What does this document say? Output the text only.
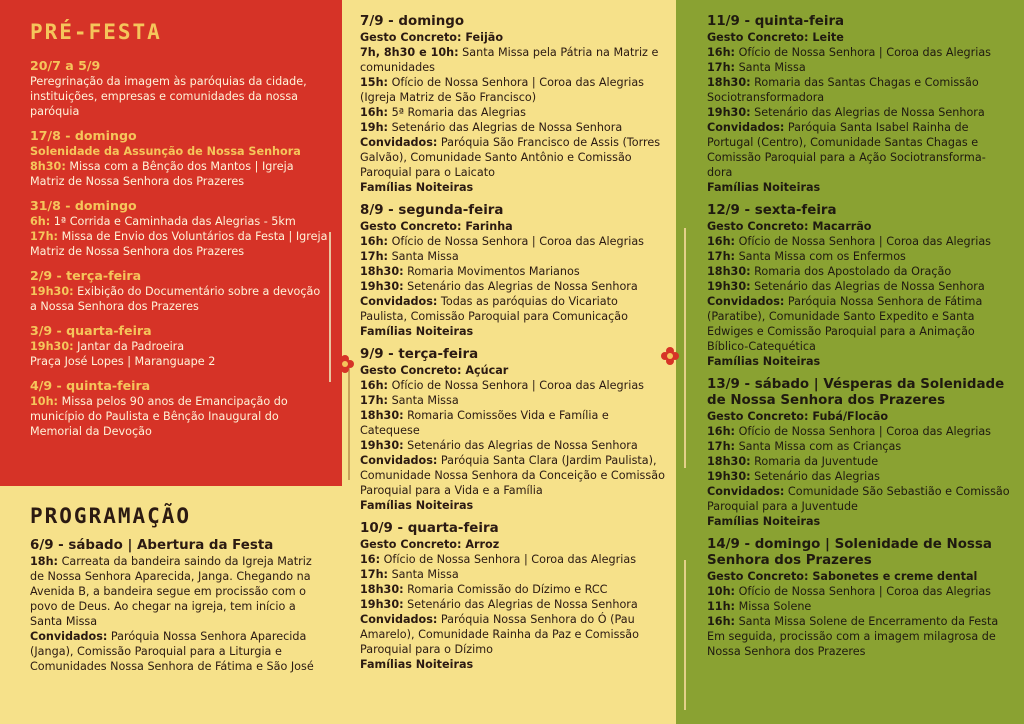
PRÉ-FESTA
20/7 a 5/9
Peregrinação da imagem às paróquias da cidade, instituições, empresas e comunidades da nossa paróquia
17/8 - domingo
Solenidade da Assunção de Nossa Senhora
8h30: Missa com a Bênção dos Mantos | Igreja Matriz de Nossa Senhora dos Prazeres
31/8 - domingo
6h: 1ª Corrida e Caminhada das Alegrias - 5km
17h: Missa de Envio dos Voluntários da Festa | Igreja Matriz de Nossa Senhora dos Prazeres
2/9 - terça-feira
19h30: Exibição do Documentário sobre a devoção a Nossa Senhora dos Prazeres
3/9 - quarta-feira
19h30: Jantar da Padroeira
Praça José Lopes | Maranguape 2
4/9 - quinta-feira
10h: Missa pelos 90 anos de Emancipação do município do Paulista e Bênção Inaugural do Memorial da Devoção
PROGRAMAÇÃO
6/9 - sábado | Abertura da Festa
18h: Carreata da bandeira saindo da Igreja Matriz de Nossa Senhora Aparecida, Janga. Chegando na Avenida B, a bandeira segue em procissão com o povo de Deus. Ao chegar na igreja, tem início a Santa Missa
Convidados: Paróquia Nossa Senhora Aparecida (Janga), Comissão Paroquial para a Liturgia e Comunidades Nossa Senhora de Fátima e São José
7/9 - domingo
Gesto Concreto: Feijão
7h, 8h30 e 10h: Santa Missa pela Pátria na Matriz e comunidades
15h: Ofício de Nossa Senhora | Coroa das Alegrias (Igreja Matriz de São Francisco)
16h: 5ª Romaria das Alegrias
19h: Setenário das Alegrias de Nossa Senhora
Convidados: Paróquia São Francisco de Assis (Torres Galvão), Comunidade Santo Antônio e Comissão Paroquial para o Laicato
Famílias Noiteiras
8/9 - segunda-feira
Gesto Concreto: Farinha
16h: Ofício de Nossa Senhora | Coroa das Alegrias
17h: Santa Missa
18h30: Romaria Movimentos Marianos
19h30: Setenário das Alegrias de Nossa Senhora
Convidados: Todas as paróquias do Vicariato Paulista, Comissão Paroquial para Comunicação
Famílias Noiteiras
9/9 - terça-feira
Gesto Concreto: Açúcar
16h: Ofício de Nossa Senhora | Coroa das Alegrias
17h: Santa Missa
18h30: Romaria Comissões Vida e Família e Catequese
19h30: Setenário das Alegrias de Nossa Senhora
Convidados: Paróquia Santa Clara (Jardim Paulista), Comunidade Nossa Senhora da Conceição e Comissão Paroquial para a Vida e a Família
Famílias Noiteiras
10/9 - quarta-feira
Gesto Concreto: Arroz
16: Ofício de Nossa Senhora | Coroa das Alegrias
17h: Santa Missa
18h30: Romaria Comissão do Dízimo e RCC
19h30: Setenário das Alegrias de Nossa Senhora
Convidados: Paróquia Nossa Senhora do Ó (Pau Amarelo), Comunidade Rainha da Paz e Comissão Paroquial para o Dízimo
Famílias Noiteiras
11/9 - quinta-feira
Gesto Concreto: Leite
16h: Ofício de Nossa Senhora | Coroa das Alegrias
17h: Santa Missa
18h30: Romaria das Santas Chagas e Comissão Sociotransformadora
19h30: Setenário das Alegrias de Nossa Senhora
Convidados: Paróquia Santa Isabel Rainha de Portugal (Centro), Comunidade Santas Chagas e Comissão Paroquial para a Ação Sociotransforma-dora
Famílias Noiteiras
12/9 - sexta-feira
Gesto Concreto: Macarrão
16h: Ofício de Nossa Senhora | Coroa das Alegrias
17h: Santa Missa com os Enfermos
18h30: Romaria dos Apostolado da Oração
19h30: Setenário das Alegrias de Nossa Senhora
Convidados: Paróquia Nossa Senhora de Fátima (Paratibe), Comunidade Santo Expedito e Santa Edwiges e Comissão Paroquial para a Animação Bíblico-Catequética
Famílias Noiteiras
13/9 - sábado | Vésperas da Solenidade de Nossa Senhora dos Prazeres
Gesto Concreto: Fubá/Flocão
16h: Ofício de Nossa Senhora | Coroa das Alegrias
17h: Santa Missa com as Crianças
18h30: Romaria da Juventude
19h30: Setenário das Alegrias
Convidados: Comunidade São Sebastião e Comissão Paroquial para a Juventude
Famílias Noiteiras
14/9 - domingo | Solenidade de Nossa Senhora dos Prazeres
Gesto Concreto: Sabonetes e creme dental
10h: Ofício de Nossa Senhora | Coroa das Alegrias
11h: Missa Solene
16h: Santa Missa Solene de Encerramento da Festa
Em seguida, procissão com a imagem milagrosa de Nossa Senhora dos Prazeres
